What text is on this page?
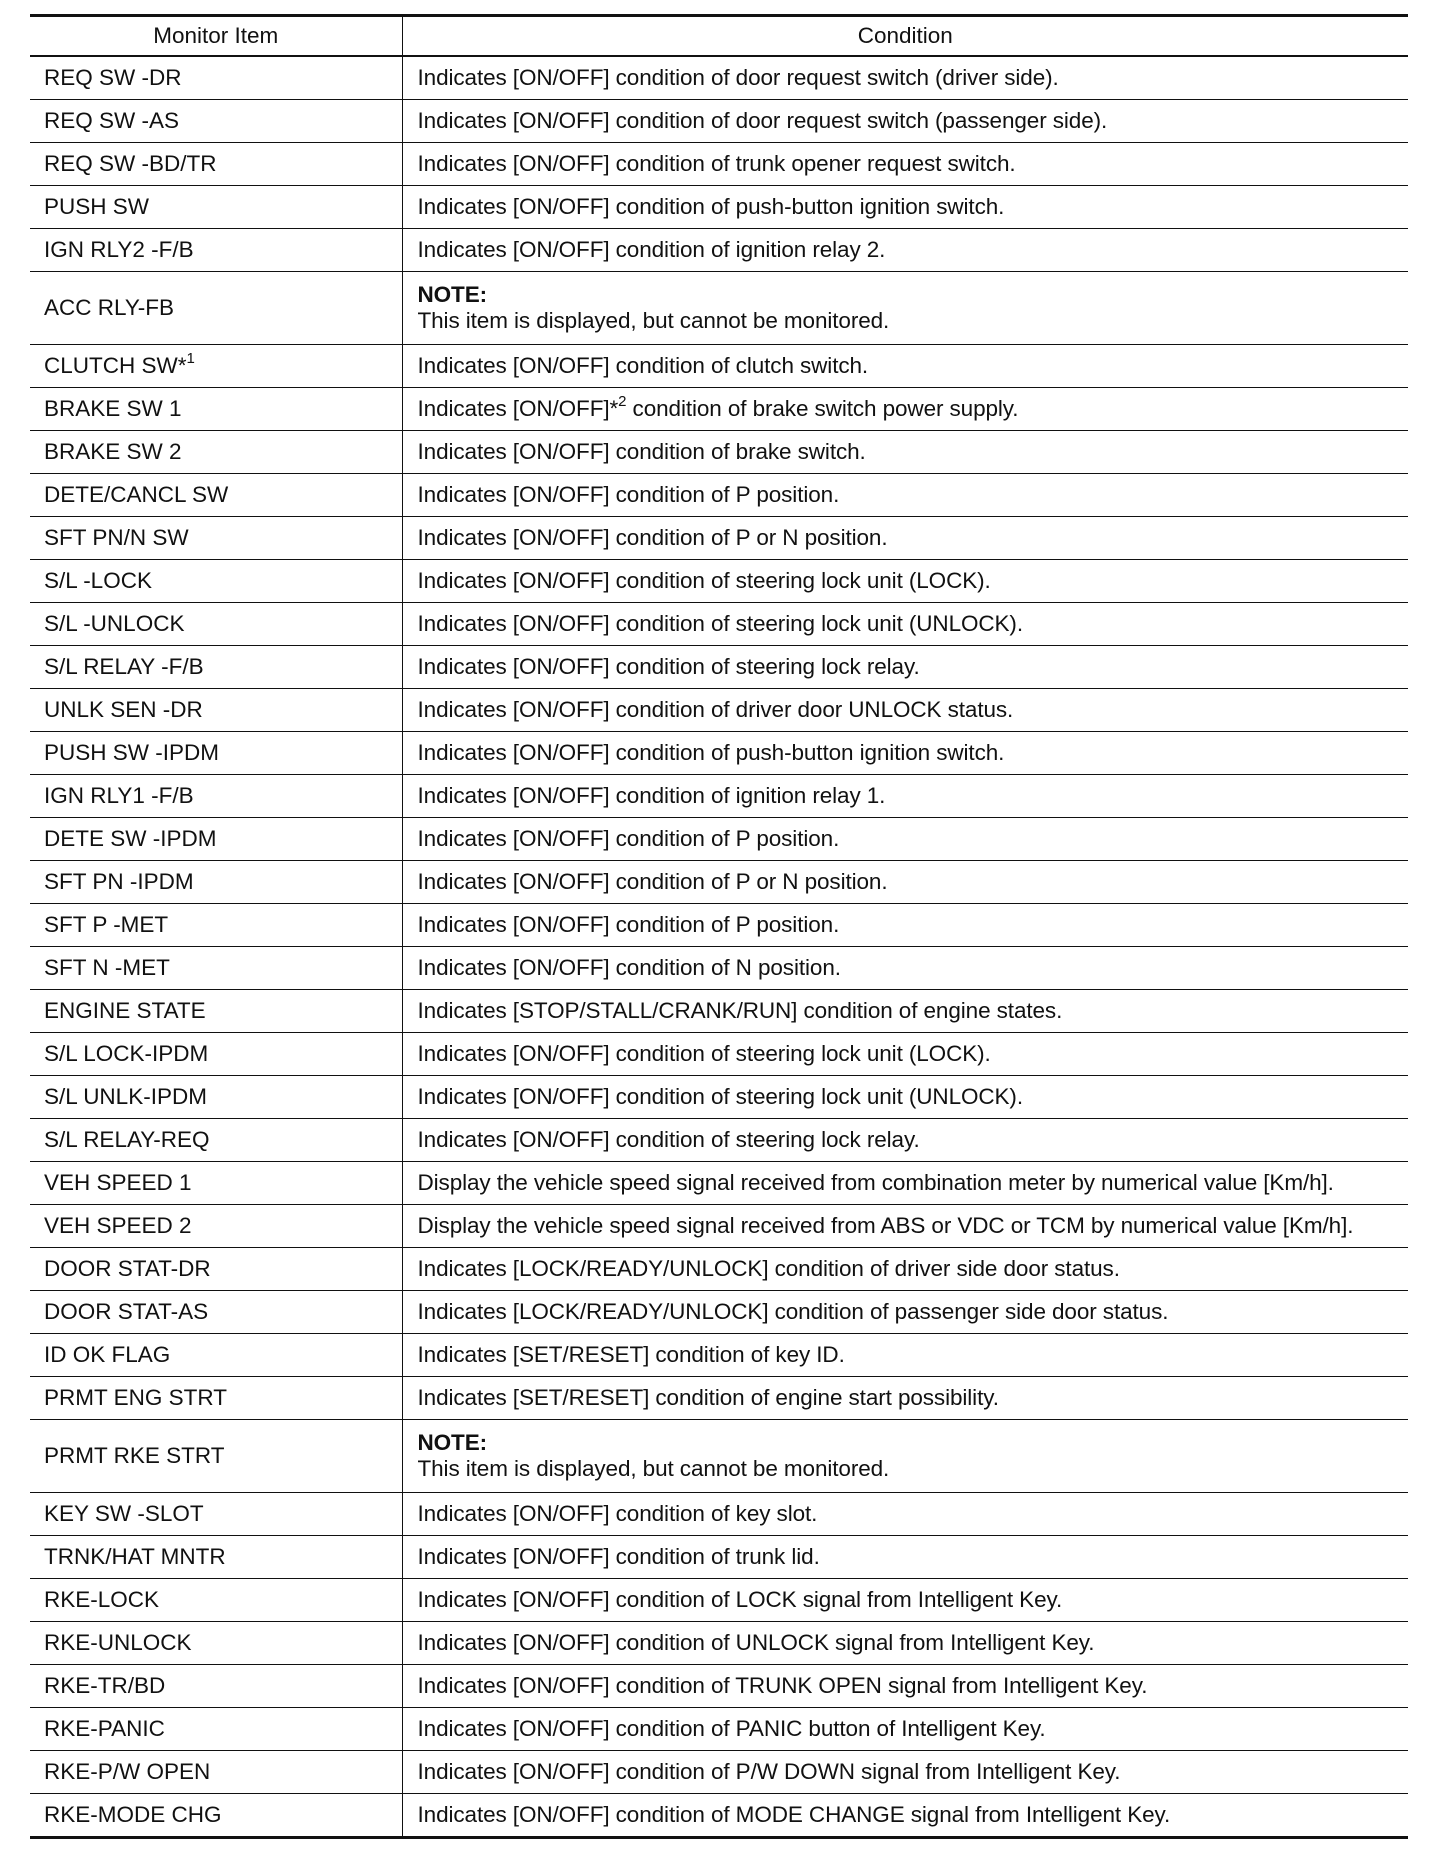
Monitor Item	Condition
REQ SW -DR	Indicates [ON/OFF] condition of door request switch (driver side).
REQ SW -AS	Indicates [ON/OFF] condition of door request switch (passenger side).
REQ SW -BD/TR	Indicates [ON/OFF] condition of trunk opener request switch.
PUSH SW	Indicates [ON/OFF] condition of push-button ignition switch.
IGN RLY2 -F/B	Indicates [ON/OFF] condition of ignition relay 2.
ACC RLY-FB	NOTE:
This item is displayed, but cannot be monitored.

CLUTCH SW*$^1$	Indicates [ON/OFF] condition of clutch switch.
BRAKE SW 1	Indicates [ON/OFF]*$^2$ condition of brake switch power supply.
BRAKE SW 2	Indicates [ON/OFF] condition of brake switch.
DETE/CANCL SW	Indicates [ON/OFF] condition of P position.
SFT PN/N SW	Indicates [ON/OFF] condition of P or N position.
S/L -LOCK	Indicates [ON/OFF] condition of steering lock unit (LOCK).
S/L -UNLOCK	Indicates [ON/OFF] condition of steering lock unit (UNLOCK).
S/L RELAY -F/B	Indicates [ON/OFF] condition of steering lock relay.
UNLK SEN -DR	Indicates [ON/OFF] condition of driver door UNLOCK status.
PUSH SW -IPDM	Indicates [ON/OFF] condition of push-button ignition switch.
IGN RLY1 -F/B	Indicates [ON/OFF] condition of ignition relay 1.
DETE SW -IPDM	Indicates [ON/OFF] condition of P position.
SFT PN -IPDM	Indicates [ON/OFF] condition of P or N position.
SFT P -MET	Indicates [ON/OFF] condition of P position.
SFT N -MET	Indicates [ON/OFF] condition of N position.
ENGINE STATE	Indicates [STOP/STALL/CRANK/RUN] condition of engine states.
S/L LOCK-IPDM	Indicates [ON/OFF] condition of steering lock unit (LOCK).
S/L UNLK-IPDM	Indicates [ON/OFF] condition of steering lock unit (UNLOCK).
S/L RELAY-REQ	Indicates [ON/OFF] condition of steering lock relay.
VEH SPEED 1	Display the vehicle speed signal received from combination meter by numerical value [Km/h].
VEH SPEED 2	Display the vehicle speed signal received from ABS or VDC or TCM by numerical value [Km/h].
DOOR STAT-DR	Indicates [LOCK/READY/UNLOCK] condition of driver side door status.
DOOR STAT-AS	Indicates [LOCK/READY/UNLOCK] condition of passenger side door status.
ID OK FLAG	Indicates [SET/RESET] condition of key ID.
PRMT ENG STRT	Indicates [SET/RESET] condition of engine start possibility.
PRMT RKE STRT	NOTE:
This item is displayed, but cannot be monitored.

KEY SW -SLOT	Indicates [ON/OFF] condition of key slot.
TRNK/HAT MNTR	Indicates [ON/OFF] condition of trunk lid.
RKE-LOCK	Indicates [ON/OFF] condition of LOCK signal from Intelligent Key.
RKE-UNLOCK	Indicates [ON/OFF] condition of UNLOCK signal from Intelligent Key.
RKE-TR/BD	Indicates [ON/OFF] condition of TRUNK OPEN signal from Intelligent Key.
RKE-PANIC	Indicates [ON/OFF] condition of PANIC button of Intelligent Key.
RKE-P/W OPEN	Indicates [ON/OFF] condition of P/W DOWN signal from Intelligent Key.
RKE-MODE CHG	Indicates [ON/OFF] condition of MODE CHANGE signal from Intelligent Key.
